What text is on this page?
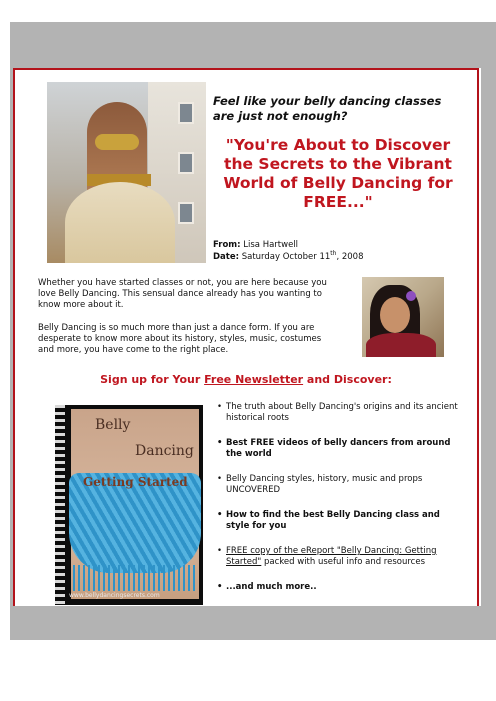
Feel like your belly dancing classes are just not enough?
"You're About to Discover the Secrets to the Vibrant World of Belly Dancing for FREE..."
From: Lisa Hartwell
Date: Saturday October 11th, 2008
Whether you have started classes or not, you are here because you love Belly Dancing. This sensual dance already has you wanting to know more about it.
Belly Dancing is so much more than just a dance form. If you are desperate to know more about its history, styles, music, costumes and more, you have come to the right place.
Sign up for Your Free Newsletter and Discover:
Belly
Dancing
Getting Started
www.bellydancingsecrets.com
• The truth about Belly Dancing's origins and its ancient historical roots
• Best FREE videos of belly dancers from around the world
• Belly Dancing styles, history, music and props UNCOVERED
• How to find the best Belly Dancing class and style for you
• FREE copy of the eReport "Belly Dancing: Getting Started" packed with useful info and resources
• ...and much more..
